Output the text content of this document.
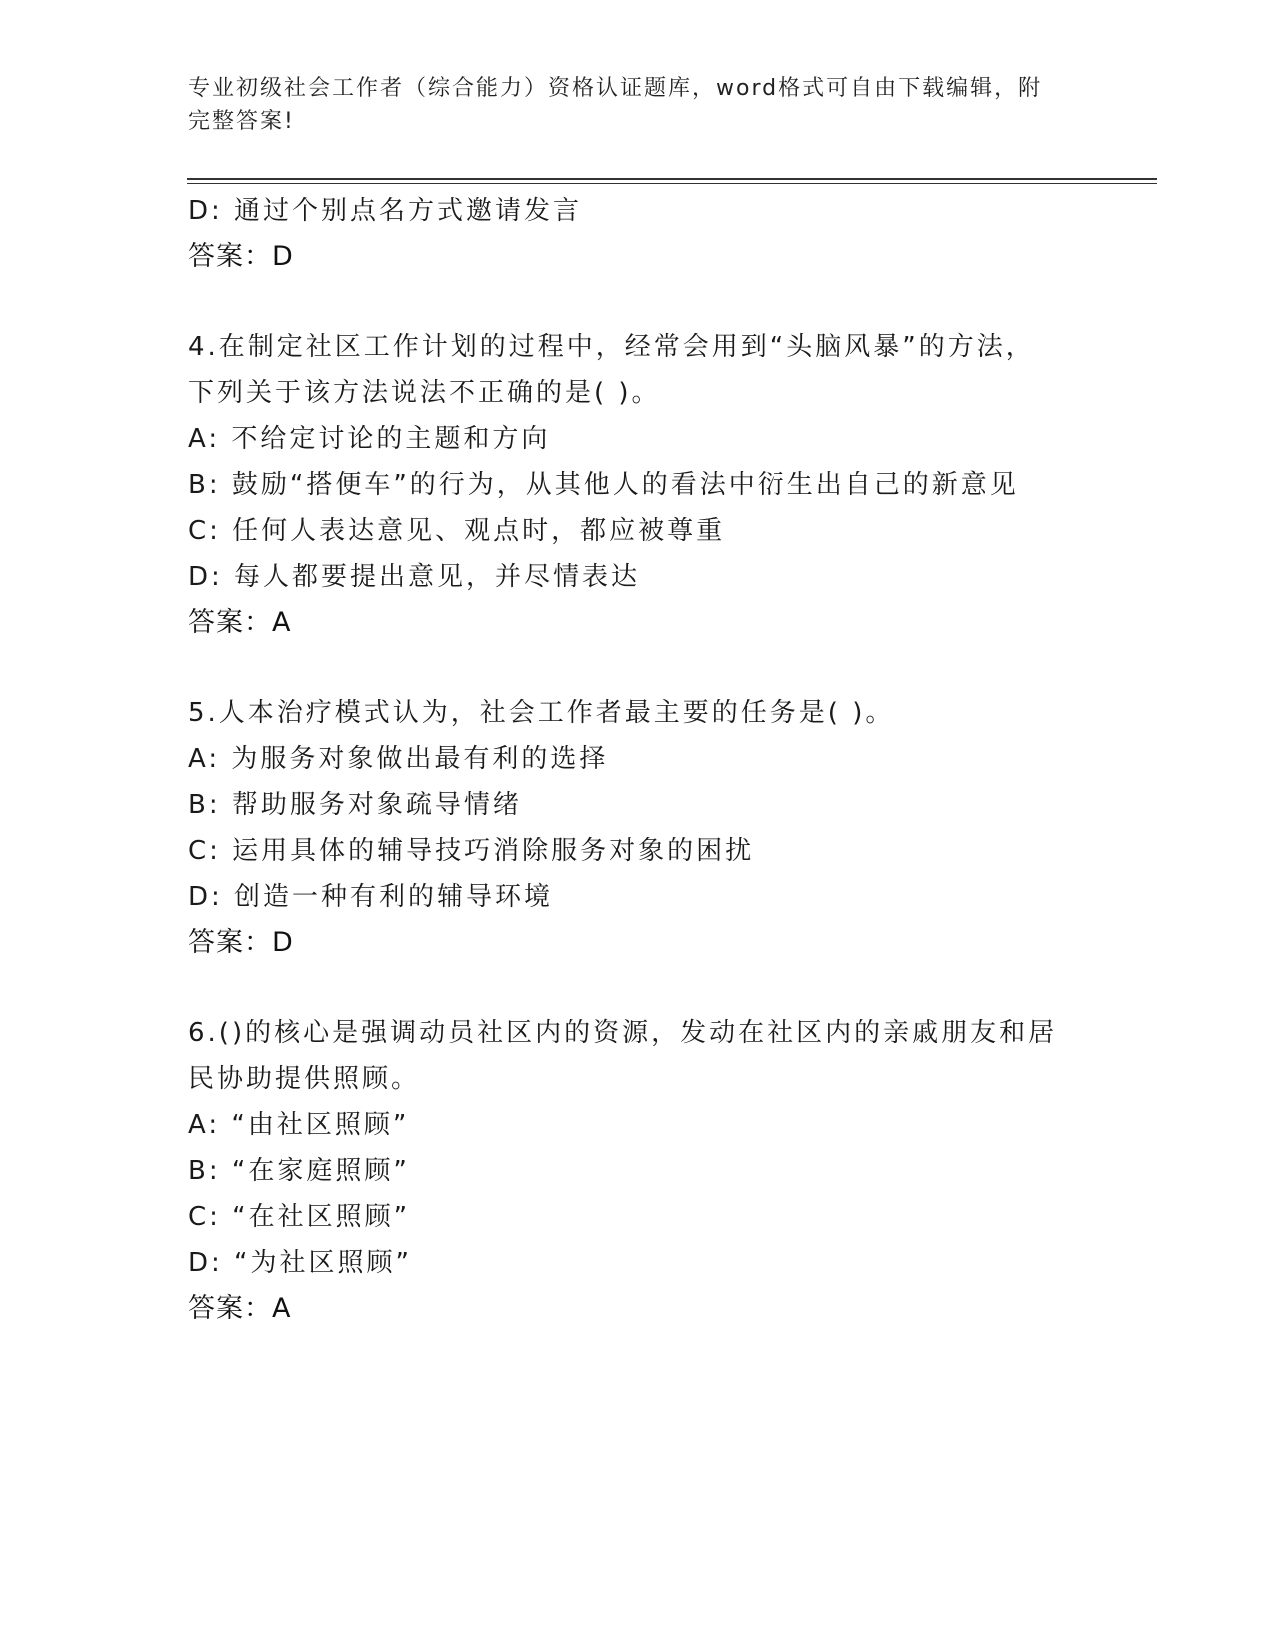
专业初级社会工作者（综合能力）资格认证题库，word格式可自由下载编辑，附
完整答案!
D: 通过个别点名方式邀请发言
答案：D
4.在制定社区工作计划的过程中，经常会用到“头脑风暴”的方法，
下列关于该方法说法不正确的是( )。
A: 不给定讨论的主题和方向
B: 鼓励“搭便车”的行为，从其他人的看法中衍生出自己的新意见
C: 任何人表达意见、观点时，都应被尊重
D: 每人都要提出意见，并尽情表达
答案：A
5.人本治疗模式认为，社会工作者最主要的任务是( )。
A: 为服务对象做出最有利的选择
B: 帮助服务对象疏导情绪
C: 运用具体的辅导技巧消除服务对象的困扰
D: 创造一种有利的辅导环境
答案：D
6.()的核心是强调动员社区内的资源，发动在社区内的亲戚朋友和居
民协助提供照顾。
A: “由社区照顾”
B: “在家庭照顾”
C: “在社区照顾”
D: “为社区照顾”
答案：A
